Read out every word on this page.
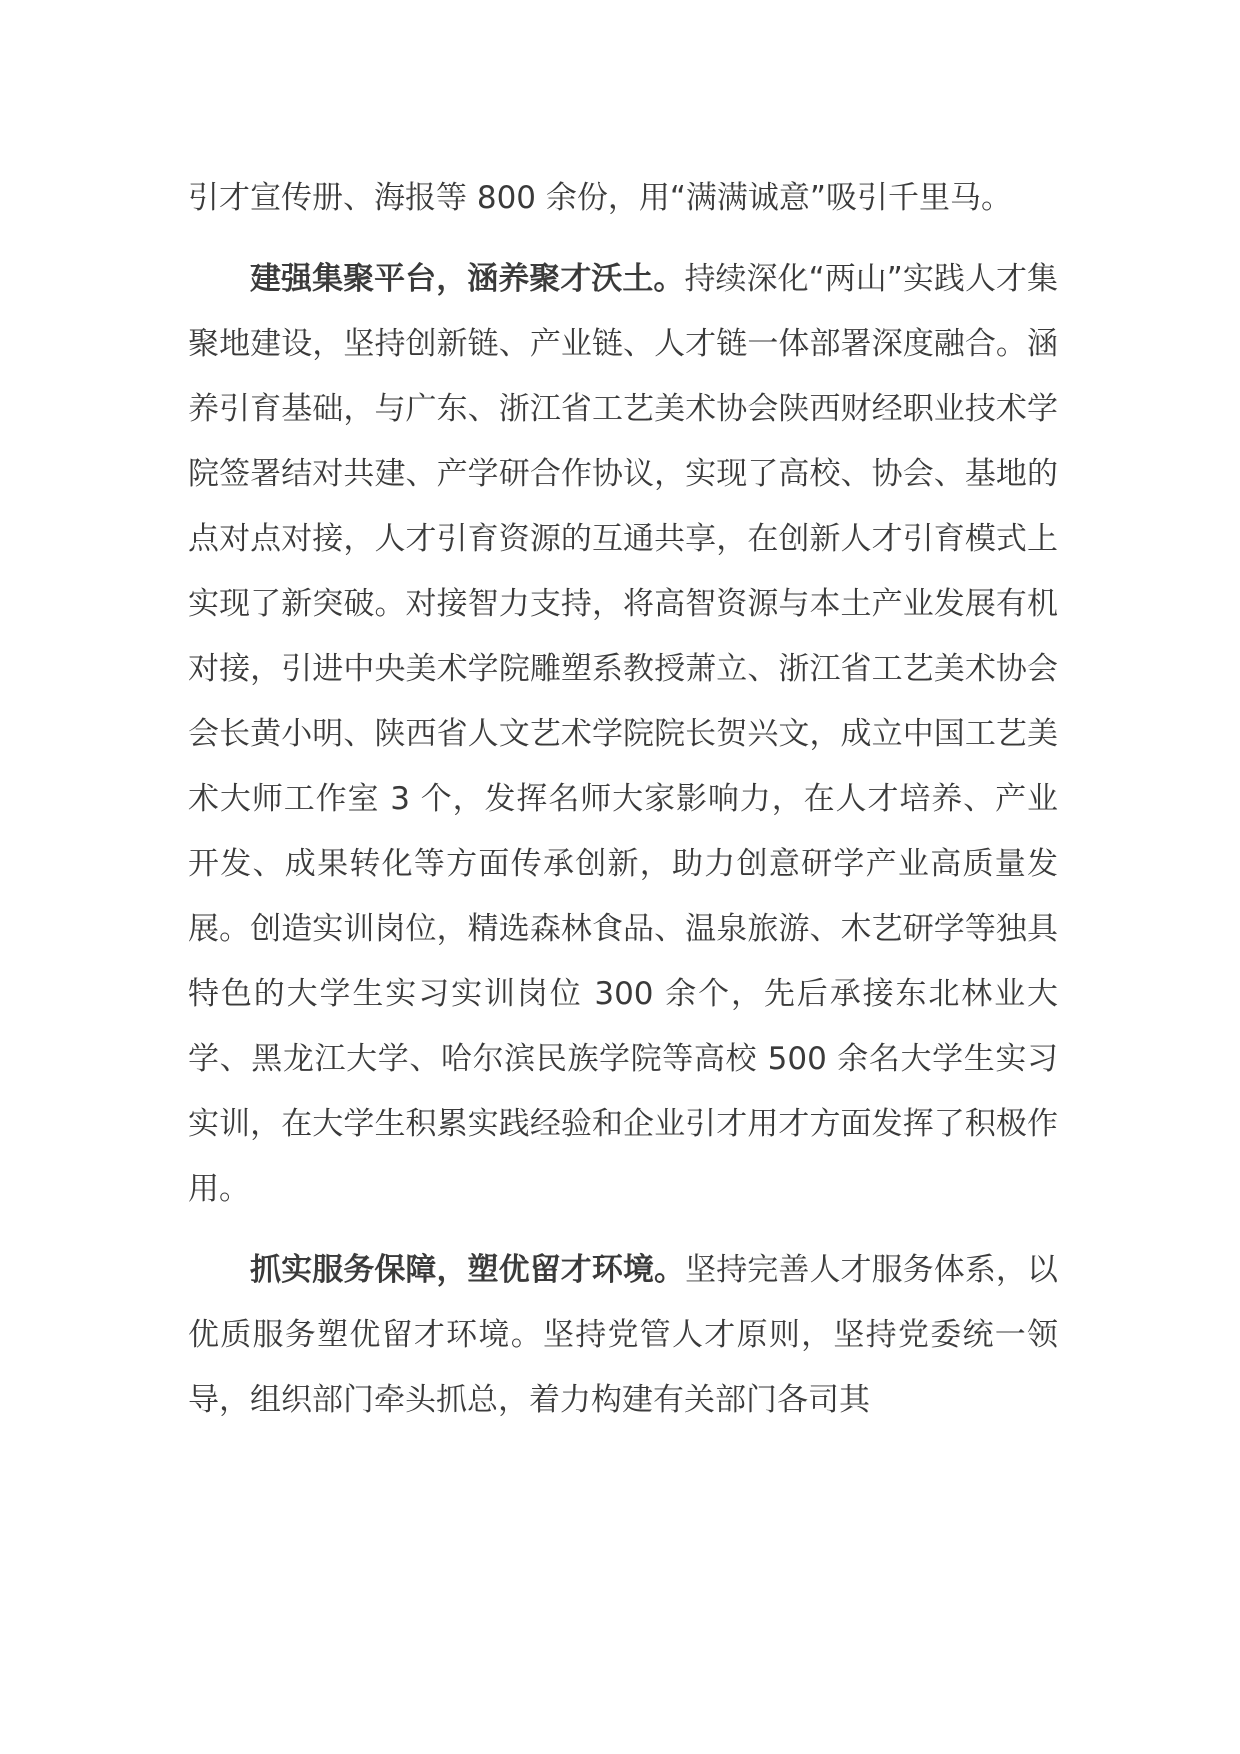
引才宣传册、海报等 800 余份，用“满满诚意”吸引千里马。

建强集聚平台，涵养聚才沃土。持续深化“两山”实践人才集聚地建设，坚持创新链、产业链、人才链一体部署深度融合。涵养引育基础，与广东、浙江省工艺美术协会陕西财经职业技术学院签署结对共建、产学研合作协议，实现了高校、协会、基地的点对点对接，人才引育资源的互通共享，在创新人才引育模式上实现了新突破。对接智力支持，将高智资源与本土产业发展有机对接，引进中央美术学院雕塑系教授萧立、浙江省工艺美术协会会长黄小明、陕西省人文艺术学院院长贺兴文，成立中国工艺美术大师工作室 3 个，发挥名师大家影响力，在人才培养、产业开发、成果转化等方面传承创新，助力创意研学产业高质量发展。创造实训岗位，精选森林食品、温泉旅游、木艺研学等独具特色的大学生实习实训岗位 300 余个，先后承接东北林业大学、黑龙江大学、哈尔滨民族学院等高校 500 余名大学生实习实训，在大学生积累实践经验和企业引才用才方面发挥了积极作用。

抓实服务保障，塑优留才环境。坚持完善人才服务体系，以优质服务塑优留才环境。坚持党管人才原则，坚持党委统一领导，组织部门牵头抓总，着力构建有关部门各司其
